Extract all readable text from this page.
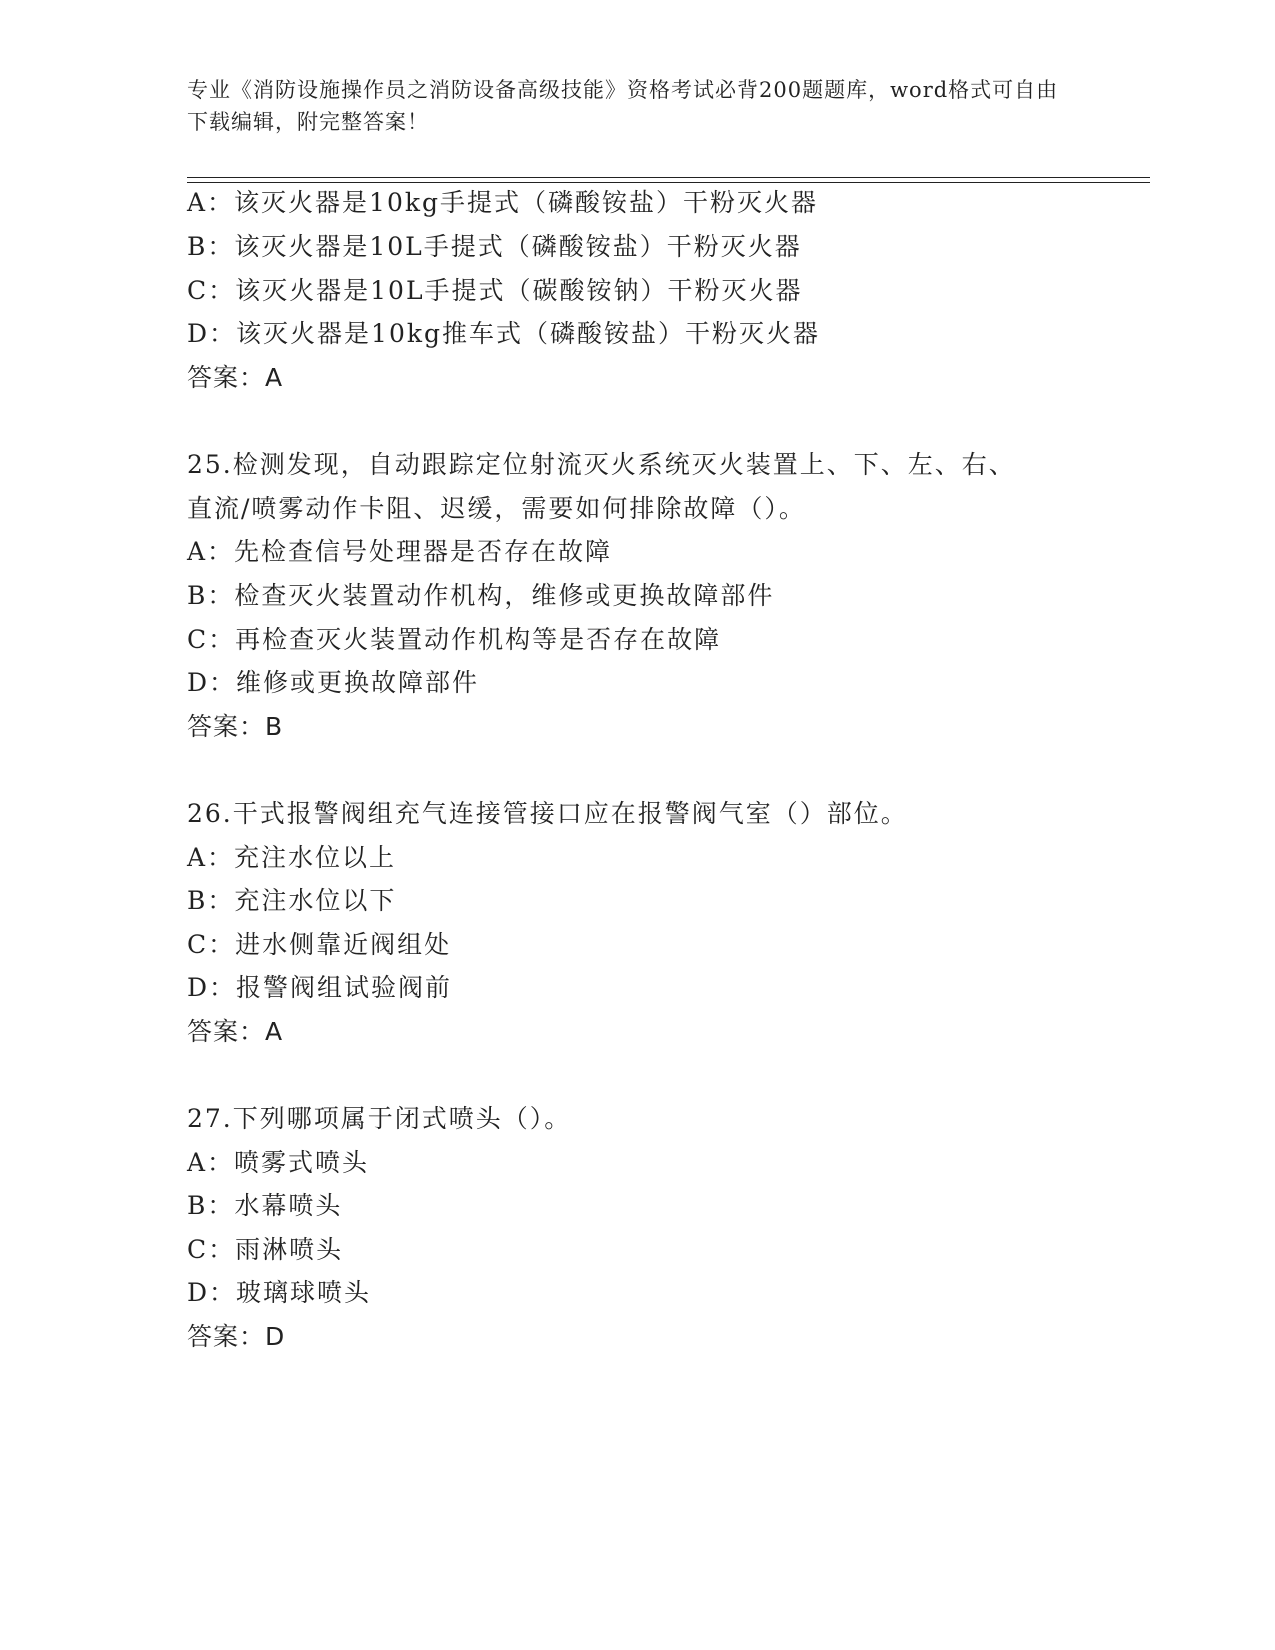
专业《消防设施操作员之消防设备高级技能》资格考试必背200题题库，word格式可自由下载编辑，附完整答案！
A：该灭火器是10kg手提式（磷酸铵盐）干粉灭火器
B：该灭火器是10L手提式（磷酸铵盐）干粉灭火器
C：该灭火器是10L手提式（碳酸铵钠）干粉灭火器
D：该灭火器是10kg推车式（磷酸铵盐）干粉灭火器
答案：A
25.检测发现，自动跟踪定位射流灭火系统灭火装置上、下、左、右、
直流/喷雾动作卡阻、迟缓，需要如何排除故障（）。
A：先检查信号处理器是否存在故障
B：检查灭火装置动作机构，维修或更换故障部件
C：再检查灭火装置动作机构等是否存在故障
D：维修或更换故障部件
答案：B
26.干式报警阀组充气连接管接口应在报警阀气室（）部位。
A：充注水位以上
B：充注水位以下
C：进水侧靠近阀组处
D：报警阀组试验阀前
答案：A
27.下列哪项属于闭式喷头（）。
A：喷雾式喷头
B：水幕喷头
C：雨淋喷头
D：玻璃球喷头
答案：D
